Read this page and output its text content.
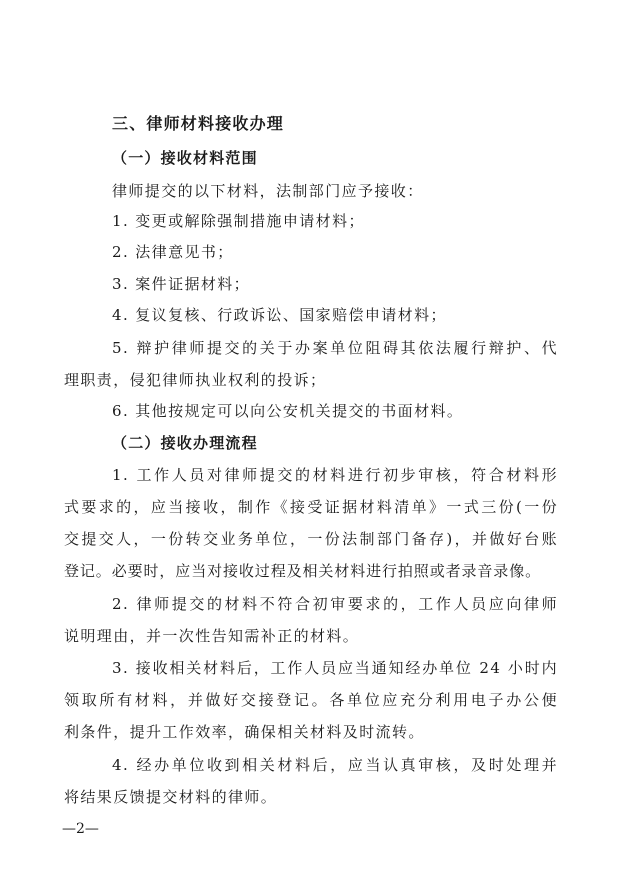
三、律师材料接收办理
（一）接收材料范围
律师提交的以下材料，法制部门应予接收：
1. 变更或解除强制措施申请材料；
2. 法律意见书；
3. 案件证据材料；
4. 复议复核、行政诉讼、国家赔偿申请材料；
5. 辩护律师提交的关于办案单位阻碍其依法履行辩护、代
理职责，侵犯律师执业权利的投诉；
6. 其他按规定可以向公安机关提交的书面材料。
（二）接收办理流程
1. 工作人员对律师提交的材料进行初步审核，符合材料形
式要求的，应当接收，制作《接受证据材料清单》一式三份(一份
交提交人，一份转交业务单位，一份法制部门备存)，并做好台账
登记。必要时，应当对接收过程及相关材料进行拍照或者录音录像。
2. 律师提交的材料不符合初审要求的，工作人员应向律师
说明理由，并一次性告知需补正的材料。
3. 接收相关材料后，工作人员应当通知经办单位 24 小时内
领取所有材料，并做好交接登记。各单位应充分利用电子办公便
利条件，提升工作效率，确保相关材料及时流转。
4. 经办单位收到相关材料后，应当认真审核，及时处理并
将结果反馈提交材料的律师。
—2—
